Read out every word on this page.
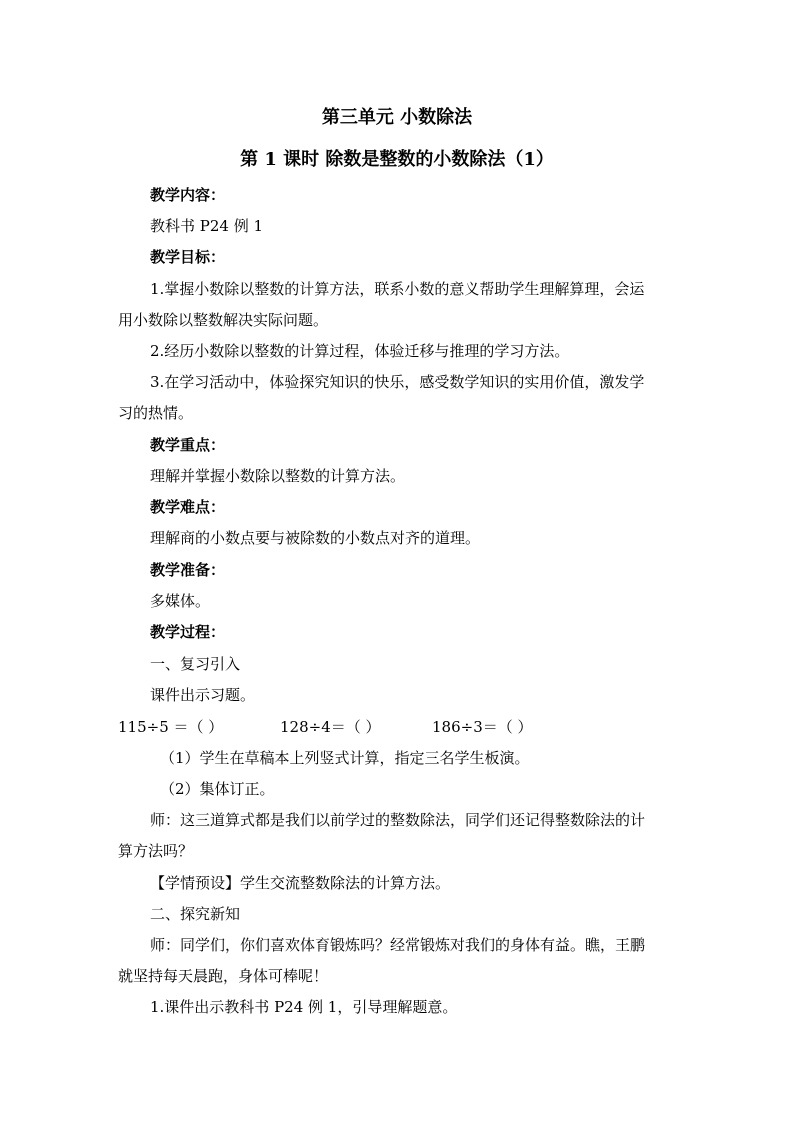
第三单元 小数除法
第 1 课时 除数是整数的小数除法（1）
教学内容：
教科书 P24 例 1
教学目标：
1.掌握小数除以整数的计算方法，联系小数的意义帮助学生理解算理，会运
用小数除以整数解决实际问题。
2.经历小数除以整数的计算过程，体验迁移与推理的学习方法。
3.在学习活动中，体验探究知识的快乐，感受数学知识的实用价值，激发学
习的热情。
教学重点：
理解并掌握小数除以整数的计算方法。
教学难点：
理解商的小数点要与被除数的小数点对齐的道理。
教学准备：
多媒体。
教学过程：
一、复习引入
课件出示习题。
115÷5 ＝（ ）	128÷4＝（ ）	186÷3＝（ ）
（1）学生在草稿本上列竖式计算，指定三名学生板演。
（2）集体订正。
师：这三道算式都是我们以前学过的整数除法，同学们还记得整数除法的计
算方法吗？
【学情预设】学生交流整数除法的计算方法。
二、探究新知
师：同学们，你们喜欢体育锻炼吗？经常锻炼对我们的身体有益。瞧，王鹏
就坚持每天晨跑，身体可棒呢！
1.课件出示教科书 P24 例 1，引导理解题意。
